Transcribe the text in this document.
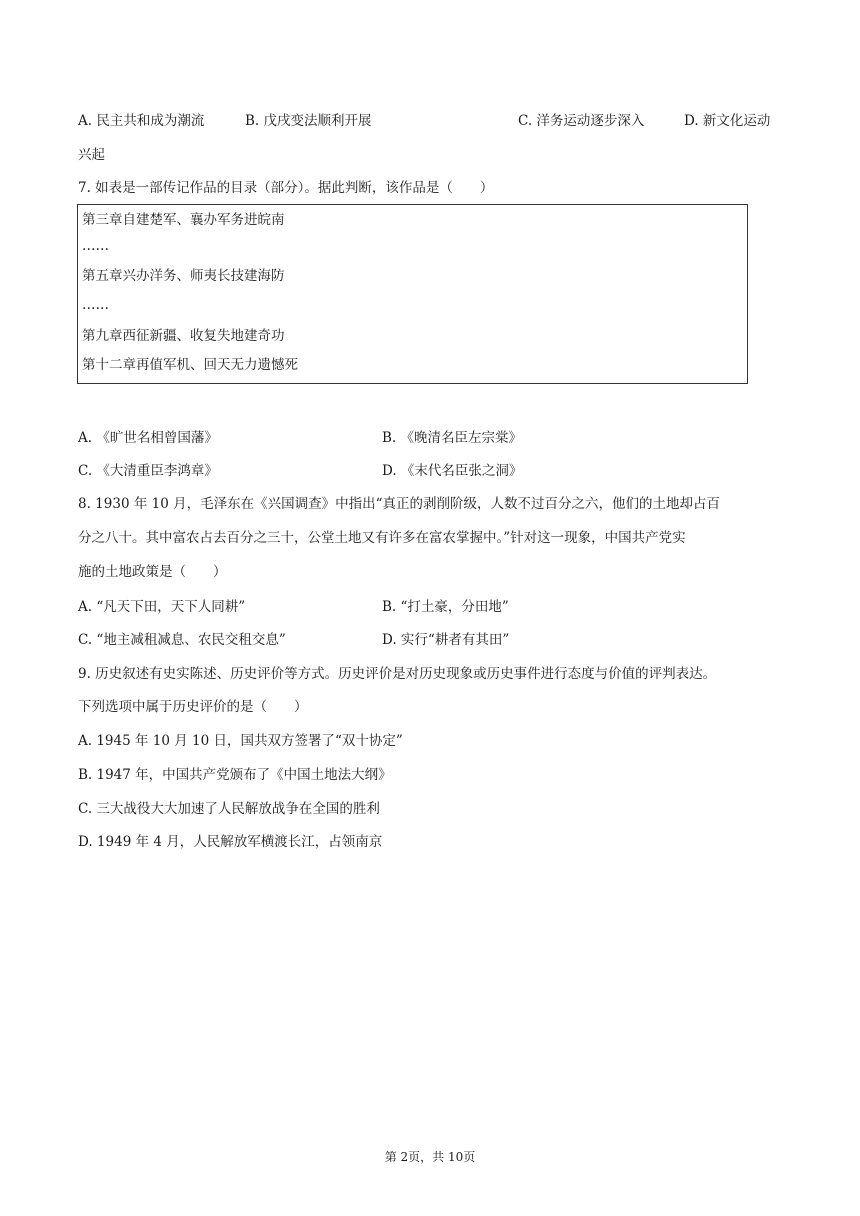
A. 民主共和成为潮流	B. 戊戌变法顺利开展	C. 洋务运动逐步深入	D. 新文化运动
兴起
7. 如表是一部传记作品的目录（部分）。据此判断，该作品是（　　）
第三章自建楚军、襄办军务进皖南
……
第五章兴办洋务、师夷长技建海防
……
第九章西征新疆、收复失地建奇功
第十二章再值军机、回天无力遗憾死
A. 《旷世名相曾国藩》	B. 《晚清名臣左宗棠》
C. 《大清重臣李鸿章》	D. 《末代名臣张之洞》
8. 1930 年 10 月，毛泽东在《兴国调查》中指出“真正的剥削阶级，人数不过百分之六，他们的土地却占百
分之八十。其中富农占去百分之三十，公堂土地又有许多在富农掌握中。”针对这一现象，中国共产党实
施的土地政策是（　　）
A. “凡天下田，天下人同耕”	B. “打土豪，分田地”
C. “地主减租减息、农民交租交息”	D. 实行“耕者有其田”
9. 历史叙述有史实陈述、历史评价等方式。历史评价是对历史现象或历史事件进行态度与价值的评判表达。
下列选项中属于历史评价的是（　　）
A. 1945 年 10 月 10 日，国共双方签署了“双十协定”
B. 1947 年，中国共产党颁布了《中国土地法大纲》
C. 三大战役大大加速了人民解放战争在全国的胜利
D. 1949 年 4 月，人民解放军横渡长江，占领南京
第 2页，共 10页
